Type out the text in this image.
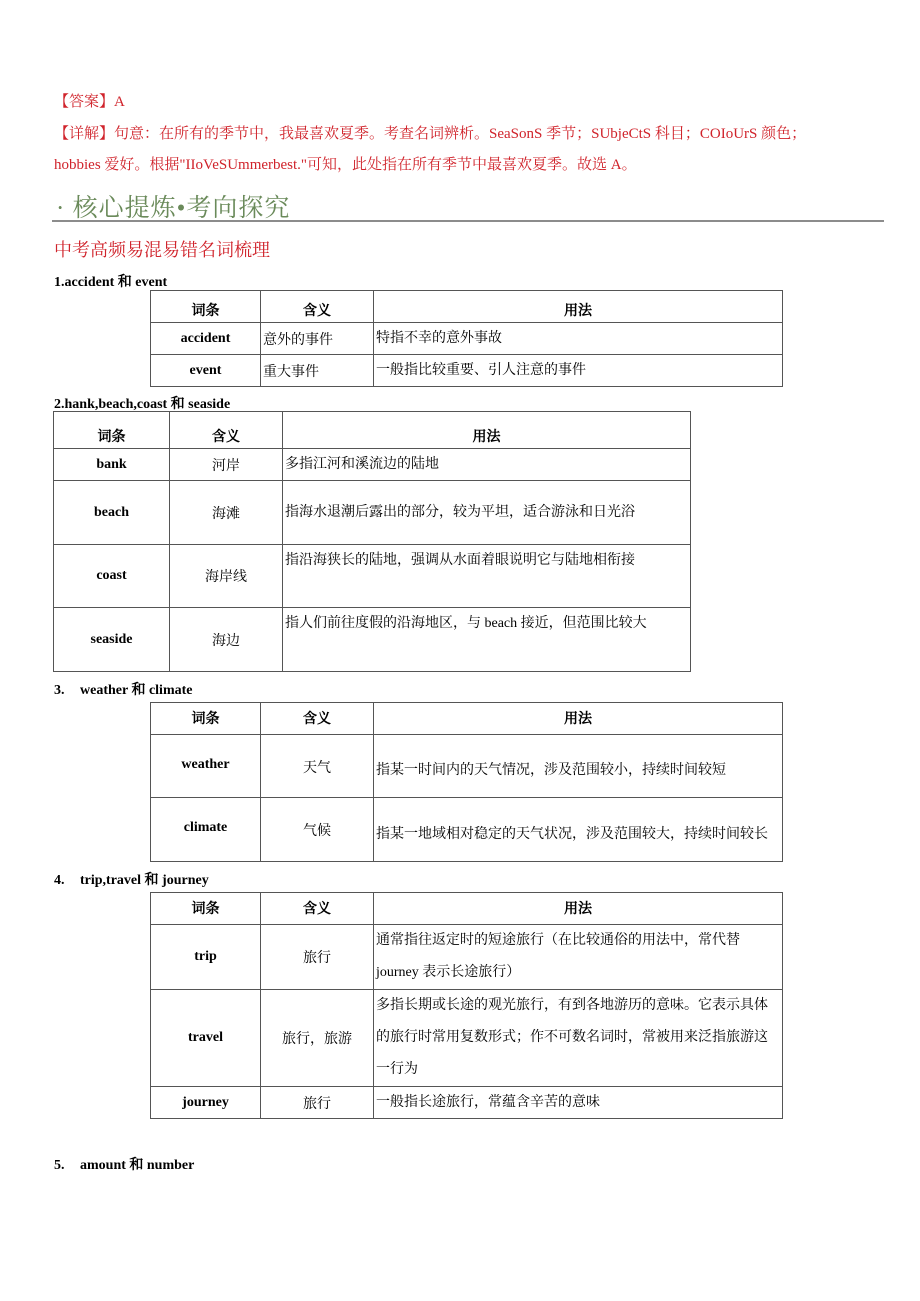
【答案】A
【详解】句意：在所有的季节中，我最喜欢夏季。考查名词辨析。SeaSonS 季节；SUbjeCtS 科目；COIoUrS 颜色；
hobbies 爱好。根据"IIoVeSUmmerbest."可知，此处指在所有季节中最喜欢夏季。故选 A。
· 核心提炼•考向探究
中考高频易混易错名词梳理
1.accident 和 event
词条	含义	用法
accident	意外的事件	特指不幸的意外事故
event	重大事件	一般指比较重要、引人注意的事件
2.hank,beach,coast 和 seaside
词条	含义	用法
bank	河岸	多指江河和溪流边的陆地
beach	海滩	指海水退潮后露出的部分，较为平坦，适合游泳和日光浴
coast	海岸线	指沿海狭长的陆地，强调从水面着眼说明它与陆地相衔接
seaside	海边	指人们前往度假的沿海地区，与 beach 接近，但范围比较大
3. weather 和 climate
词条	含义	用法
weather	天气	指某一时间内的天气情况，涉及范围较小，持续时间较短
climate	气候	指某一地域相对稳定的天气状况，涉及范围较大，持续时间较长
4. trip,travel 和 journey
词条	含义	用法
trip	旅行	通常指往返定时的短途旅行（在比较通俗的用法中，常代替journey 表示长途旅行）
travel	旅行，旅游	多指长期或长途的观光旅行，有到各地游历的意味。它表示具体的旅行时常用复数形式；作不可数名词时，常被用来泛指旅游这一行为
journey	旅行	一般指长途旅行，常蕴含辛苦的意味
5. amount 和 number
